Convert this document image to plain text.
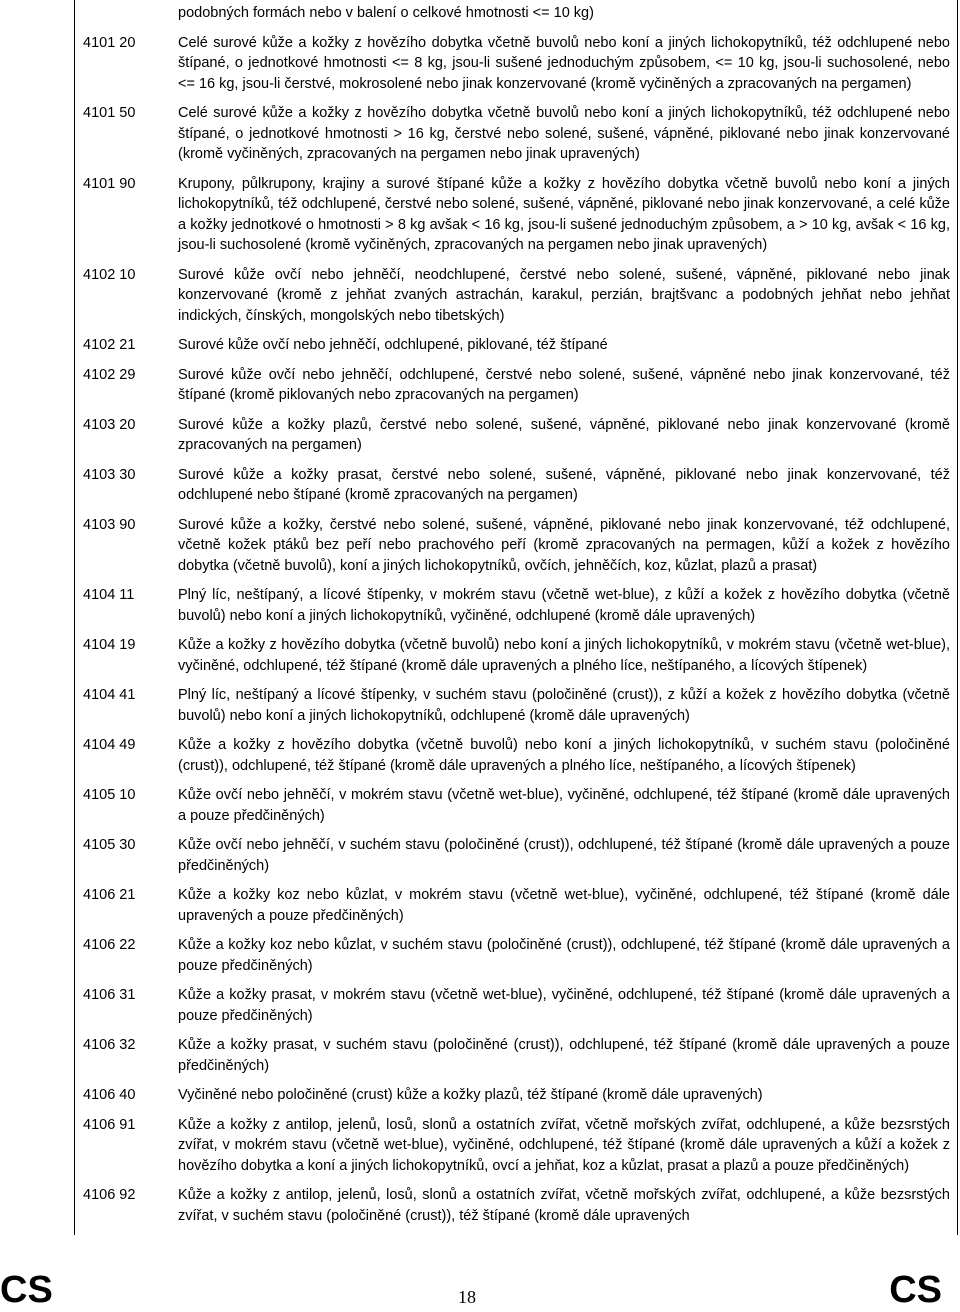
podobných formách nebo v balení o celkové hmotnosti <= 10 kg)
4101 20	Celé surové kůže a kožky z hovězího dobytka včetně buvolů nebo koní a jiných lichokopytníků, též odchlupené nebo štípané, o jednotkové hmotnosti <= 8 kg, jsou-li sušené jednoduchým způsobem, <= 10 kg, jsou-li suchosolené, nebo <= 16 kg, jsou-li čerstvé, mokrosolené nebo jinak konzervované (kromě vyčiněných a zpracovaných na pergamen)
4101 50	Celé surové kůže a kožky z hovězího dobytka včetně buvolů nebo koní a jiných lichokopytníků, též odchlupené nebo štípané, o jednotkové hmotnosti > 16 kg, čerstvé nebo solené, sušené, vápněné, piklované nebo jinak konzervované (kromě vyčiněných, zpracovaných na pergamen nebo jinak upravených)
4101 90	Krupony, půlkrupony, krajiny a surové štípané kůže a kožky z hovězího dobytka včetně buvolů nebo koní a jiných lichokopytníků, též odchlupené, čerstvé nebo solené, sušené, vápněné, piklované nebo jinak konzervované, a celé kůže a kožky jednotkové o hmotnosti > 8 kg avšak < 16 kg, jsou-li sušené jednoduchým způsobem, a > 10 kg, avšak < 16 kg, jsou-li suchosolené (kromě vyčiněných, zpracovaných na pergamen nebo jinak upravených)
4102 10	Surové kůže ovčí nebo jehněčí, neodchlupené, čerstvé nebo solené, sušené, vápněné, piklované nebo jinak konzervované (kromě z jehňat zvaných astrachán, karakul, perzián, brajtšvanc a podobných jehňat nebo jehňat indických, čínských, mongolských nebo tibetských)
4102 21	Surové kůže ovčí nebo jehněčí, odchlupené, piklované, též štípané
4102 29	Surové kůže ovčí nebo jehněčí, odchlupené, čerstvé nebo solené, sušené, vápněné nebo jinak konzervované, též štípané (kromě piklovaných nebo zpracovaných na pergamen)
4103 20	Surové kůže a kožky plazů, čerstvé nebo solené, sušené, vápněné, piklované nebo jinak konzervované (kromě zpracovaných na pergamen)
4103 30	Surové kůže a kožky prasat, čerstvé nebo solené, sušené, vápněné, piklované nebo jinak konzervované, též odchlupené nebo štípané (kromě zpracovaných na pergamen)
4103 90	Surové kůže a kožky, čerstvé nebo solené, sušené, vápněné, piklované nebo jinak konzervované, též odchlupené, včetně kožek ptáků bez peří nebo prachového peří (kromě zpracovaných na permagen, kůží a kožek z hovězího dobytka (včetně buvolů), koní a jiných lichokopytníků, ovčích, jehněčích, koz, kůzlat, plazů a prasat)
4104 11	Plný líc, neštípaný, a lícové štípenky, v mokrém stavu (včetně wet-blue), z kůží a kožek z hovězího dobytka (včetně buvolů) nebo koní a jiných lichokopytníků, vyčiněné, odchlupené (kromě dále upravených)
4104 19	Kůže a kožky z hovězího dobytka (včetně buvolů) nebo koní a jiných lichokopytníků, v mokrém stavu (včetně wet-blue), vyčiněné, odchlupené, též štípané (kromě dále upravených a plného líce, neštípaného, a lícových štípenek)
4104 41	Plný líc, neštípaný a lícové štípenky, v suchém stavu (poločiněné (crust)), z kůží a kožek z hovězího dobytka (včetně buvolů) nebo koní a jiných lichokopytníků, odchlupené (kromě dále upravených)
4104 49	Kůže a kožky z hovězího dobytka (včetně buvolů) nebo koní a jiných lichokopytníků, v suchém stavu (poločiněné (crust)), odchlupené, též štípané (kromě dále upravených a plného líce, neštípaného, a lícových štípenek)
4105 10	Kůže ovčí nebo jehněčí, v mokrém stavu (včetně wet-blue), vyčiněné, odchlupené, též štípané (kromě dále upravených a pouze předčiněných)
4105 30	Kůže ovčí nebo jehněčí, v suchém stavu (poločiněné (crust)), odchlupené, též štípané (kromě dále upravených a pouze předčiněných)
4106 21	Kůže a kožky koz nebo kůzlat, v mokrém stavu (včetně wet-blue), vyčiněné, odchlupené, též štípané (kromě dále upravených a pouze předčiněných)
4106 22	Kůže a kožky koz nebo kůzlat, v suchém stavu (poločiněné (crust)), odchlupené, též štípané (kromě dále upravených a pouze předčiněných)
4106 31	Kůže a kožky prasat, v mokrém stavu (včetně wet-blue), vyčiněné, odchlupené, též štípané (kromě dále upravených a pouze předčiněných)
4106 32	Kůže a kožky prasat, v suchém stavu (poločiněné (crust)), odchlupené, též štípané (kromě dále upravených a pouze předčiněných)
4106 40	Vyčiněné nebo poločiněné (crust) kůže a kožky plazů, též štípané (kromě dále upravených)
4106 91	Kůže a kožky z antilop, jelenů, losů, slonů a ostatních zvířat, včetně mořských zvířat, odchlupené, a kůže bezsrstých zvířat, v mokrém stavu (včetně wet-blue), vyčiněné, odchlupené, též štípané (kromě dále upravených a kůží a kožek z hovězího dobytka a koní a jiných lichokopytníků, ovcí a jehňat, koz a kůzlat, prasat a plazů a pouze předčiněných)
4106 92	Kůže a kožky z antilop, jelenů, losů, slonů a ostatních zvířat, včetně mořských zvířat, odchlupené, a kůže bezsrstých zvířat, v suchém stavu (poločiněné (crust)), též štípané (kromě dále upravených
CS	18	CS
